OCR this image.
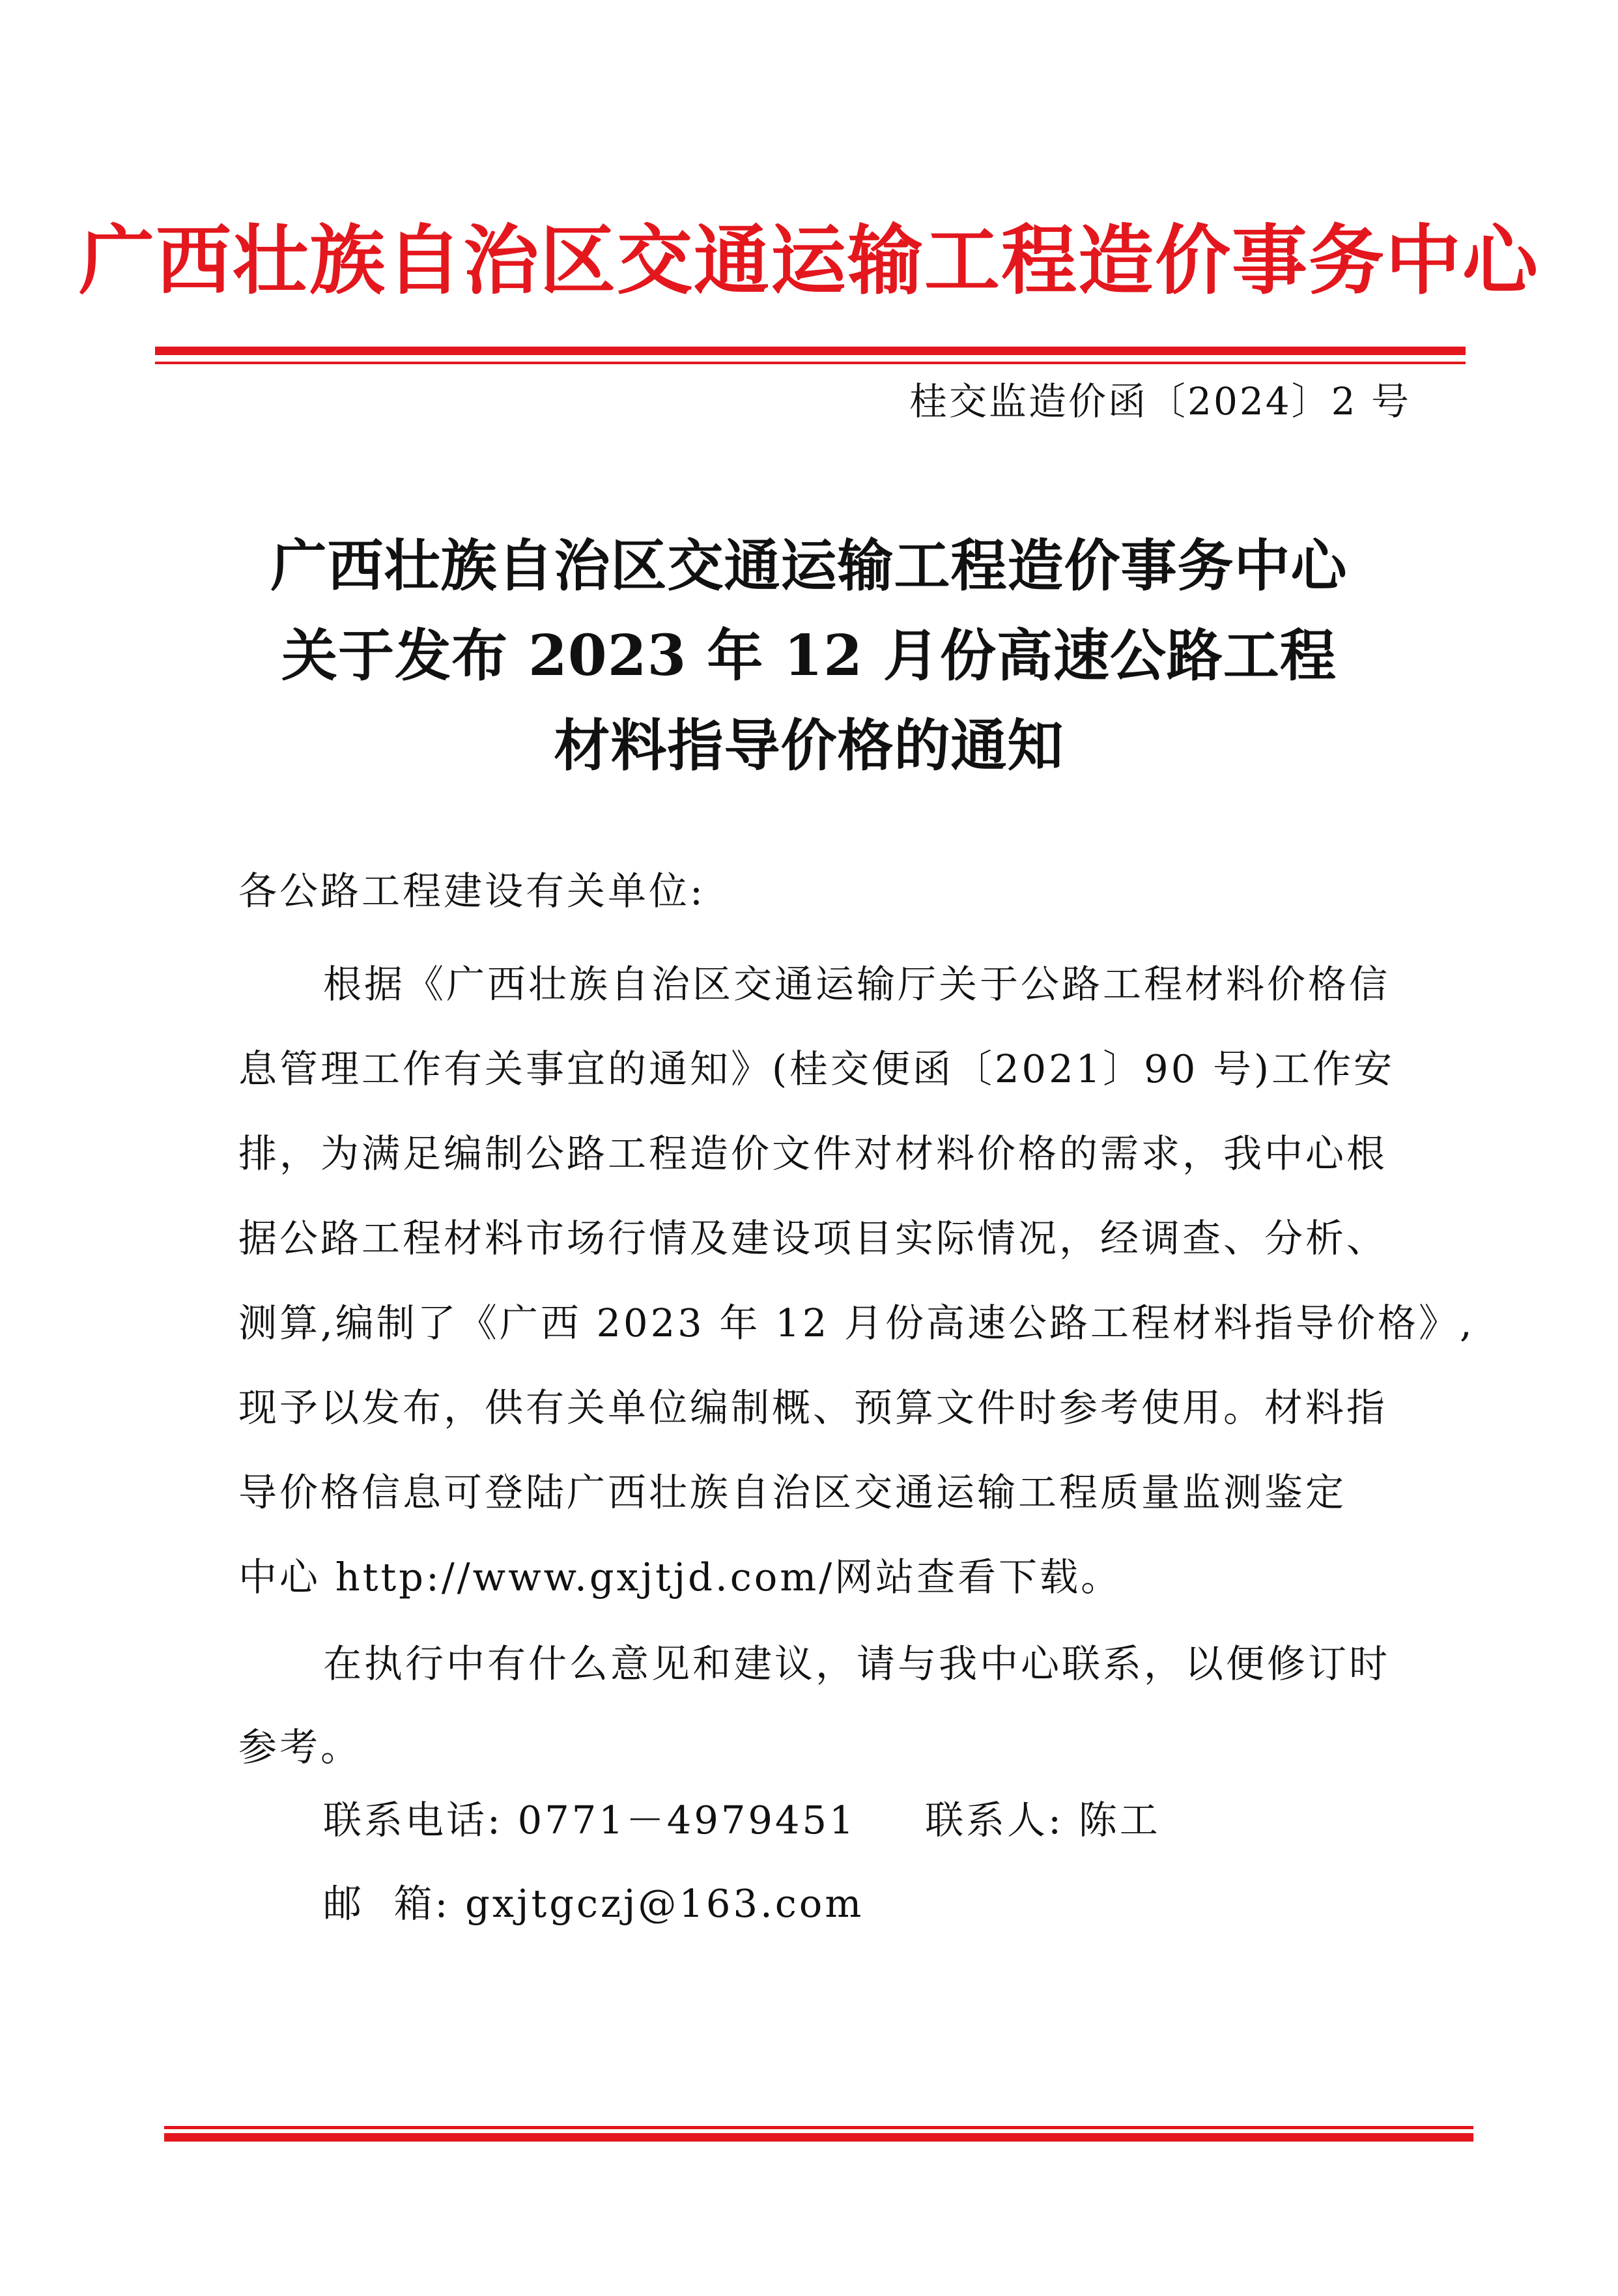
广西壮族自治区交通运输工程造价事务中心
桂交监造价函〔2024〕2 号
广西壮族自治区交通运输工程造价事务中心
关于发布 2023 年 12 月份高速公路工程
材料指导价格的通知
各公路工程建设有关单位:
根据《广西壮族自治区交通运输厅关于公路工程材料价格信
息管理工作有关事宜的通知》(桂交便函〔2021〕90 号)工作安
排，为满足编制公路工程造价文件对材料价格的需求，我中心根
据公路工程材料市场行情及建设项目实际情况，经调查、分析、
测算,编制了《广西 2023 年 12 月份高速公路工程材料指导价格》,
现予以发布，供有关单位编制概、预算文件时参考使用。材料指
导价格信息可登陆广西壮族自治区交通运输工程质量监测鉴定
中心 http://www.gxjtjd.com/网站查看下载。
在执行中有什么意见和建议，请与我中心联系，以便修订时
参考。
联系电话: 0771－4979451 联系人: 陈工
邮  箱: gxjtgczj@163.com
